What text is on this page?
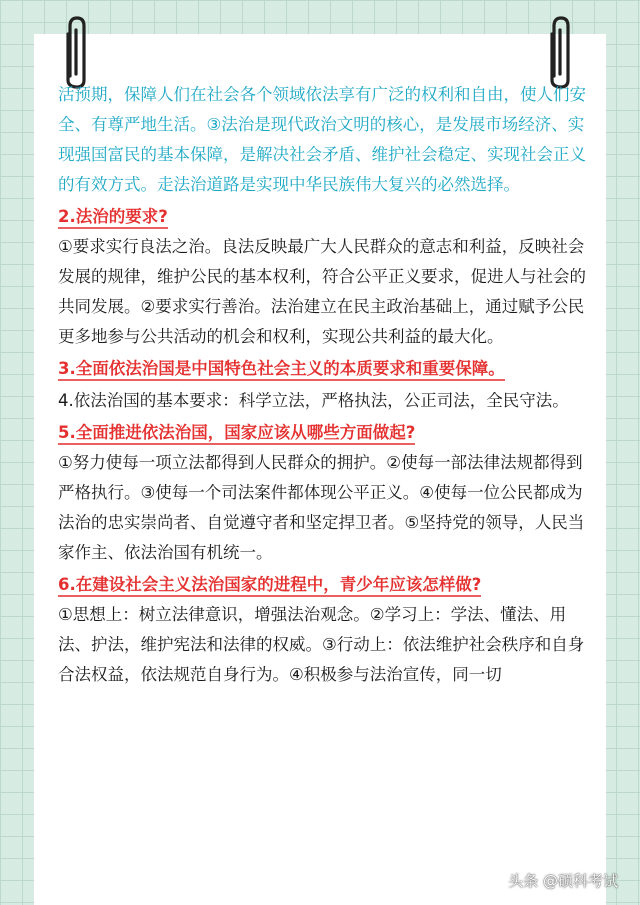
活预期，保障人们在社会各个领域依法享有广泛的权利和自由，使人们安全、有尊严地生活。③法治是现代政治文明的核心，是发展市场经济、实现强国富民的基本保障，是解决社会矛盾、维护社会稳定、实现社会正义的有效方式。走法治道路是实现中华民族伟大复兴的必然选择。

2.法治的要求?

①要求实行良法之治。良法反映最广大人民群众的意志和利益，反映社会发展的规律，维护公民的基本权利，符合公平正义要求，促进人与社会的共同发展。②要求实行善治。法治建立在民主政治基础上，通过赋予公民更多地参与公共活动的机会和权利，实现公共利益的最大化。

3.全面依法治国是中国特色社会主义的本质要求和重要保障。

4.依法治国的基本要求：科学立法，严格执法，公正司法，全民守法。

5.全面推进依法治国，国家应该从哪些方面做起?

①努力使每一项立法都得到人民群众的拥护。②使每一部法律法规都得到严格执行。③使每一个司法案件都体现公平正义。④使每一位公民都成为法治的忠实崇尚者、自觉遵守者和坚定捍卫者。⑤坚持党的领导，人民当家作主、依法治国有机统一。

6.在建设社会主义法治国家的进程中，青少年应该怎样做?

①思想上：树立法律意识，增强法治观念。②学习上：学法、懂法、用法、护法，维护宪法和法律的权威。③行动上：依法维护社会秩序和自身合法权益，依法规范自身行为。④积极参与法治宣传，同一切

头条 @硕科考试
